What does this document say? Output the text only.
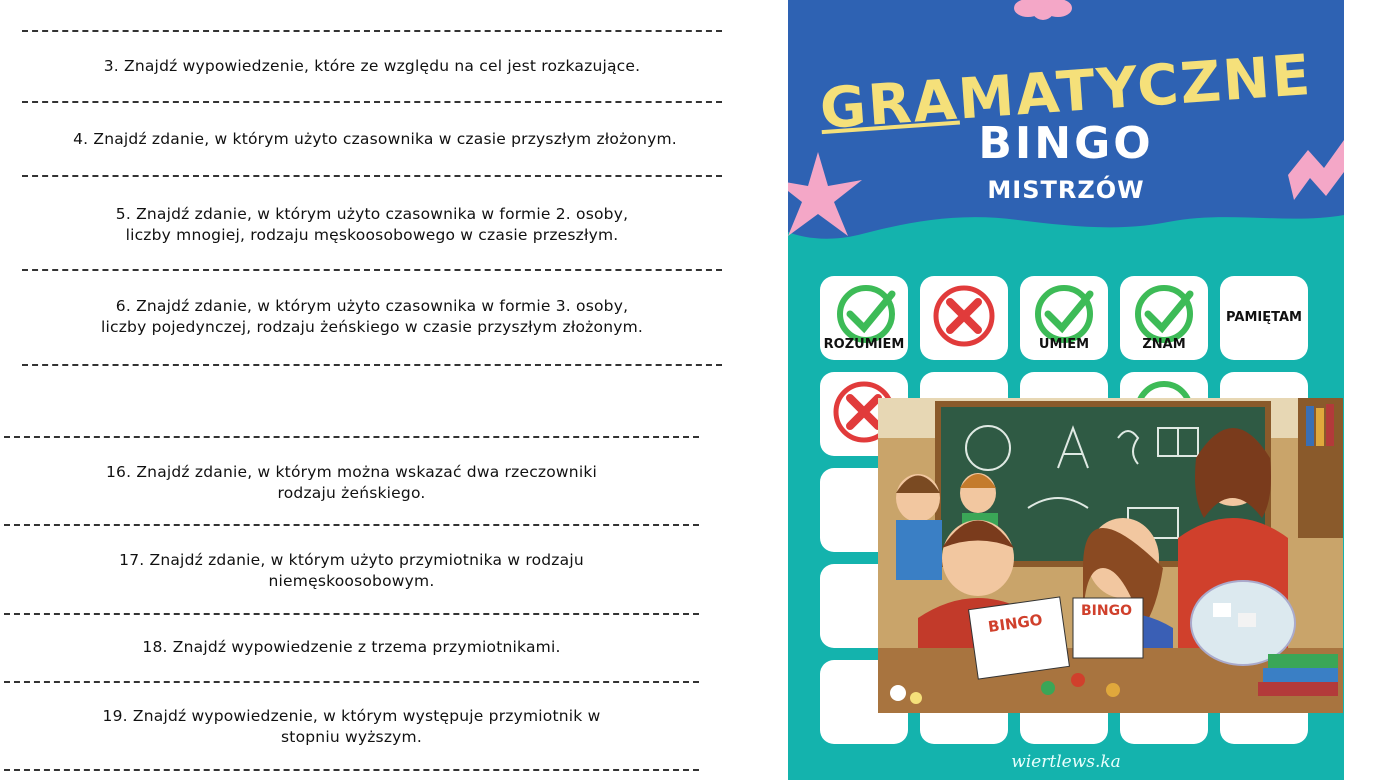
3. Znajdź wypowiedzenie, które ze względu na cel jest rozkazujące.
4. Znajdź zdanie, w którym użyto czasownika w czasie przyszłym złożonym.
5. Znajdź zdanie, w którym użyto czasownika w formie 2. osoby,
liczby mnogiej, rodzaju męskoosobowego w czasie przeszłym.
6. Znajdź zdanie, w którym użyto czasownika w formie 3. osoby,
liczby pojedynczej, rodzaju żeńskiego w czasie przyszłym złożonym.
16. Znajdź zdanie, w którym można wskazać dwa rzeczowniki
rodzaju żeńskiego.
17. Znajdź zdanie, w którym użyto przymiotnika w rodzaju
niemęskoosobowym.
18. Znajdź wypowiedzenie z trzema przymiotnikami.
19. Znajdź wypowiedzenie, w którym występuje przymiotnik w
stopniu wyższym.
GRAMATYCZNE
BINGO
MISTRZÓW
ROZUMIEM	UMIEM	ZNAM
PAMIĘTAM
BINGO	BINGO
wiertlews.ka
